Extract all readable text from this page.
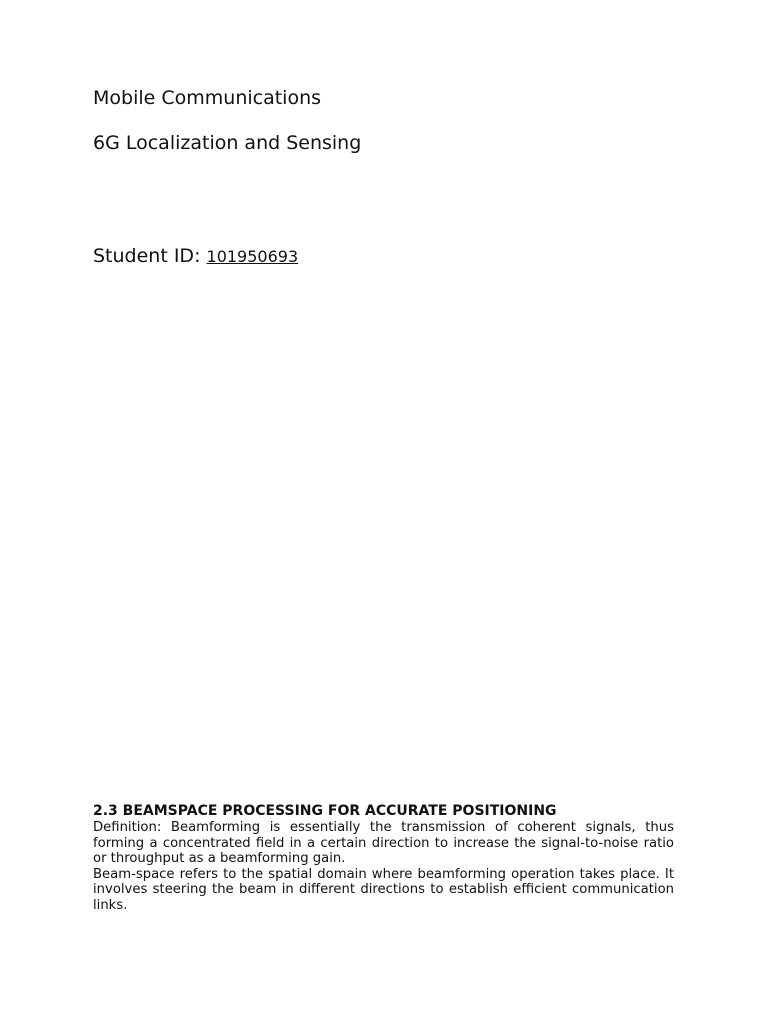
Mobile Communications
6G Localization and Sensing
Student ID: 101950693
2.3 BEAMSPACE PROCESSING FOR ACCURATE POSITIONING

Definition: Beamforming is essentially the transmission of coherent signals, thus forming a concentrated field in a certain direction to increase the signal-to-noise ratio or throughput as a beamforming gain.

Beam-space refers to the spatial domain where beamforming operation takes place. It involves steering the beam in different directions to establish efficient communication links.
